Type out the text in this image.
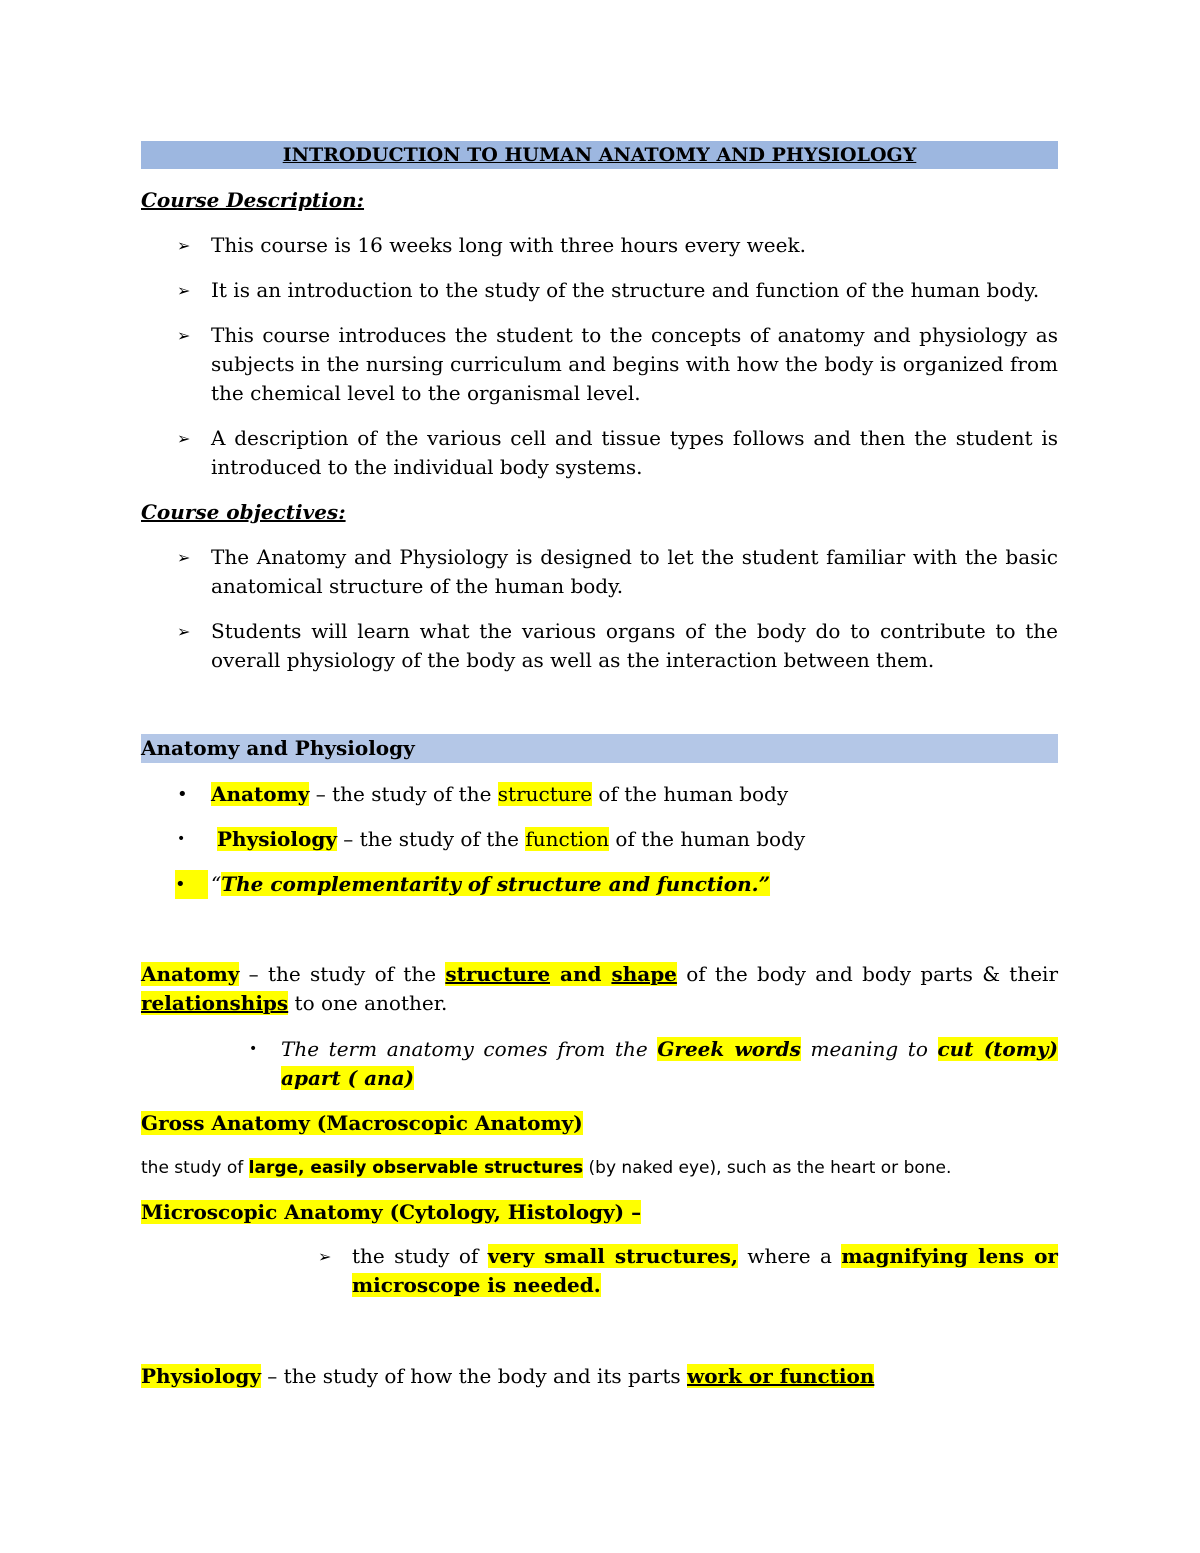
INTRODUCTION TO HUMAN ANATOMY AND PHYSIOLOGY
Course Description:
➢ This course is 16 weeks long with three hours every week.
➢ It is an introduction to the study of the structure and function of the human body.
➢ This course introduces the student to the concepts of anatomy and physiology as subjects in the nursing curriculum and begins with how the body is organized from the chemical level to the organismal level.
➢ A description of the various cell and tissue types follows and then the student is introduced to the individual body systems.
Course objectives:
➢ The Anatomy and Physiology is designed to let the student familiar with the basic anatomical structure of the human body.
➢ Students will learn what the various organs of the body do to contribute to the overall physiology of the body as well as the interaction between them.
Anatomy and Physiology
• Anatomy – the study of the structure of the human body
• Physiology – the study of the function of the human body
•	“The complementarity of structure and function.”
Anatomy – the study of the structure and shape of the body and body parts & their relationships to one another.
• The term anatomy comes from the Greek words meaning to cut (tomy) apart ( ana)
Gross Anatomy (Macroscopic Anatomy)
the study of large, easily observable structures (by naked eye), such as the heart or bone.
Microscopic Anatomy (Cytology, Histology) –
➢ the study of very small structures, where a magnifying lens or microscope is needed.
Physiology – the study of how the body and its parts work or function
